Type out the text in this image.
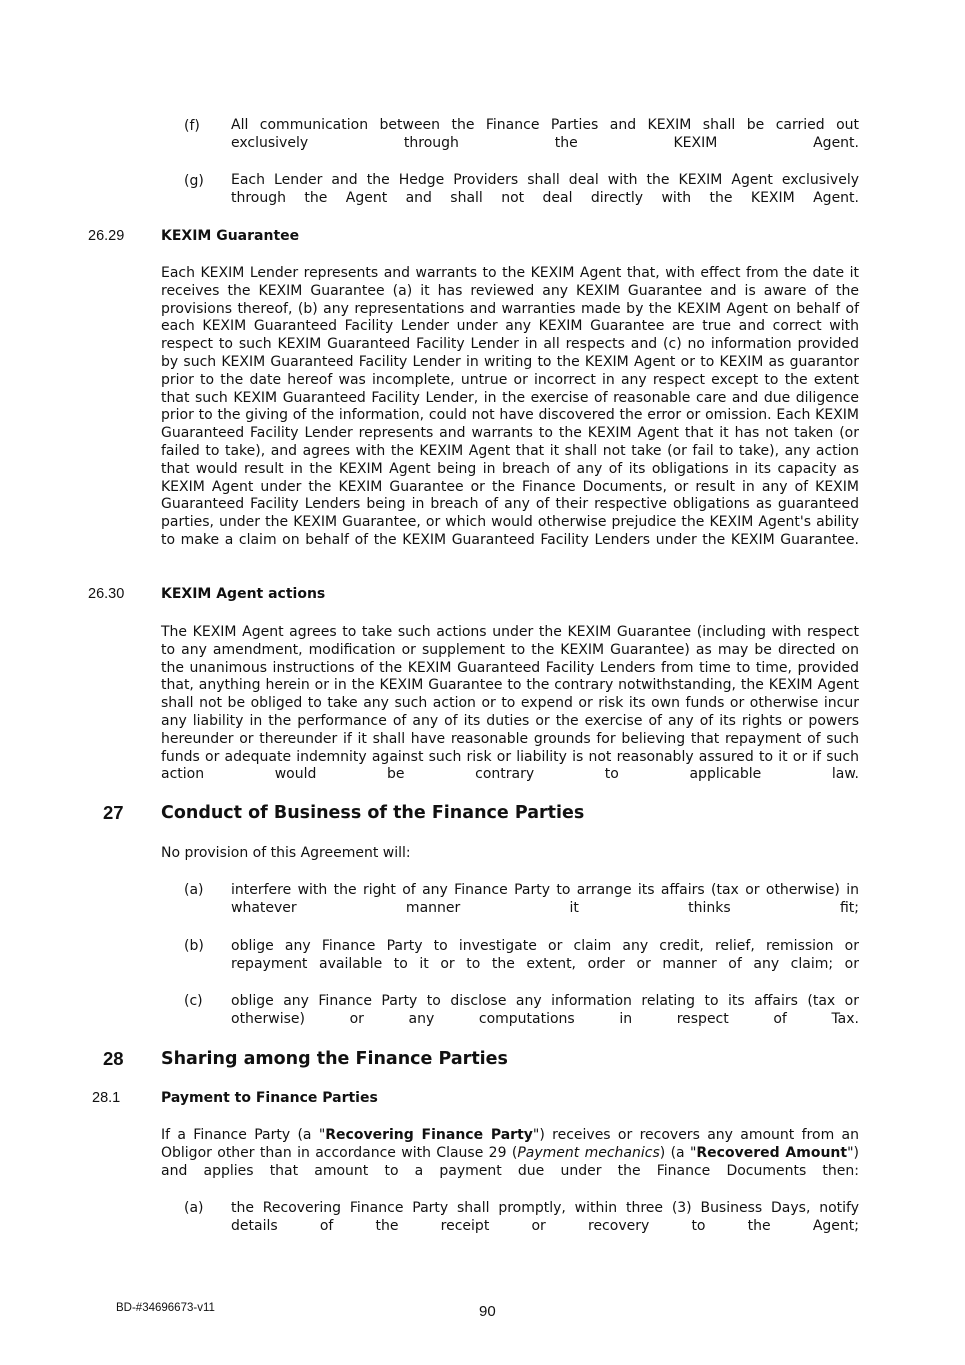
(f) All communication between the Finance Parties and KEXIM shall be carried out exclusively through the KEXIM Agent.

(g) Each Lender and the Hedge Providers shall deal with the KEXIM Agent exclusively through the Agent and shall not deal directly with the KEXIM Agent.

26.29	KEXIM Guarantee

Each KEXIM Lender represents and warrants to the KEXIM Agent that, with effect from the date it receives the KEXIM Guarantee (a) it has reviewed any KEXIM Guarantee and is aware of the provisions thereof, (b) any representations and warranties made by the KEXIM Agent on behalf of each KEXIM Guaranteed Facility Lender under any KEXIM Guarantee are true and correct with respect to such KEXIM Guaranteed Facility Lender in all respects and (c) no information provided by such KEXIM Guaranteed Facility Lender in writing to the KEXIM Agent or to KEXIM as guarantor prior to the date hereof was incomplete, untrue or incorrect in any respect except to the extent that such KEXIM Guaranteed Facility Lender, in the exercise of reasonable care and due diligence prior to the giving of the information, could not have discovered the error or omission. Each KEXIM Guaranteed Facility Lender represents and warrants to the KEXIM Agent that it has not taken (or failed to take), and agrees with the KEXIM Agent that it shall not take (or fail to take), any action that would result in the KEXIM Agent being in breach of any of its obligations in its capacity as KEXIM Agent under the KEXIM Guarantee or the Finance Documents, or result in any of KEXIM Guaranteed Facility Lenders being in breach of any of their respective obligations as guaranteed parties, under the KEXIM Guarantee, or which would otherwise prejudice the KEXIM Agent's ability to make a claim on behalf of the KEXIM Guaranteed Facility Lenders under the KEXIM Guarantee.

26.30	KEXIM Agent actions

The KEXIM Agent agrees to take such actions under the KEXIM Guarantee (including with respect to any amendment, modification or supplement to the KEXIM Guarantee) as may be directed on the unanimous instructions of the KEXIM Guaranteed Facility Lenders from time to time, provided that, anything herein or in the KEXIM Guarantee to the contrary notwithstanding, the KEXIM Agent shall not be obliged to take any such action or to expend or risk its own funds or otherwise incur any liability in the performance of any of its duties or the exercise of any of its rights or powers hereunder or thereunder if it shall have reasonable grounds for believing that repayment of such funds or adequate indemnity against such risk or liability is not reasonably assured to it or if such action would be contrary to applicable law.

27 Conduct of Business of the Finance Parties
No provision of this Agreement will:
(a) interfere with the right of any Finance Party to arrange its affairs (tax or otherwise) in whatever manner it thinks fit;

(b) oblige any Finance Party to investigate or claim any credit, relief, remission or repayment available to it or to the extent, order or manner of any claim; or

(c) oblige any Finance Party to disclose any information relating to its affairs (tax or otherwise) or any computations in respect of Tax.

28 Sharing among the Finance Parties
28.1	Payment to Finance Parties

If a Finance Party (a "Recovering Finance Party") receives or recovers any amount from an Obligor other than in accordance with Clause 29 (Payment mechanics) (a "Recovered Amount") and applies that amount to a payment due under the Finance Documents then:

(a) the Recovering Finance Party shall promptly, within three (3) Business Days, notify details of the receipt or recovery to the Agent;

BD-#34696673-v11	90
